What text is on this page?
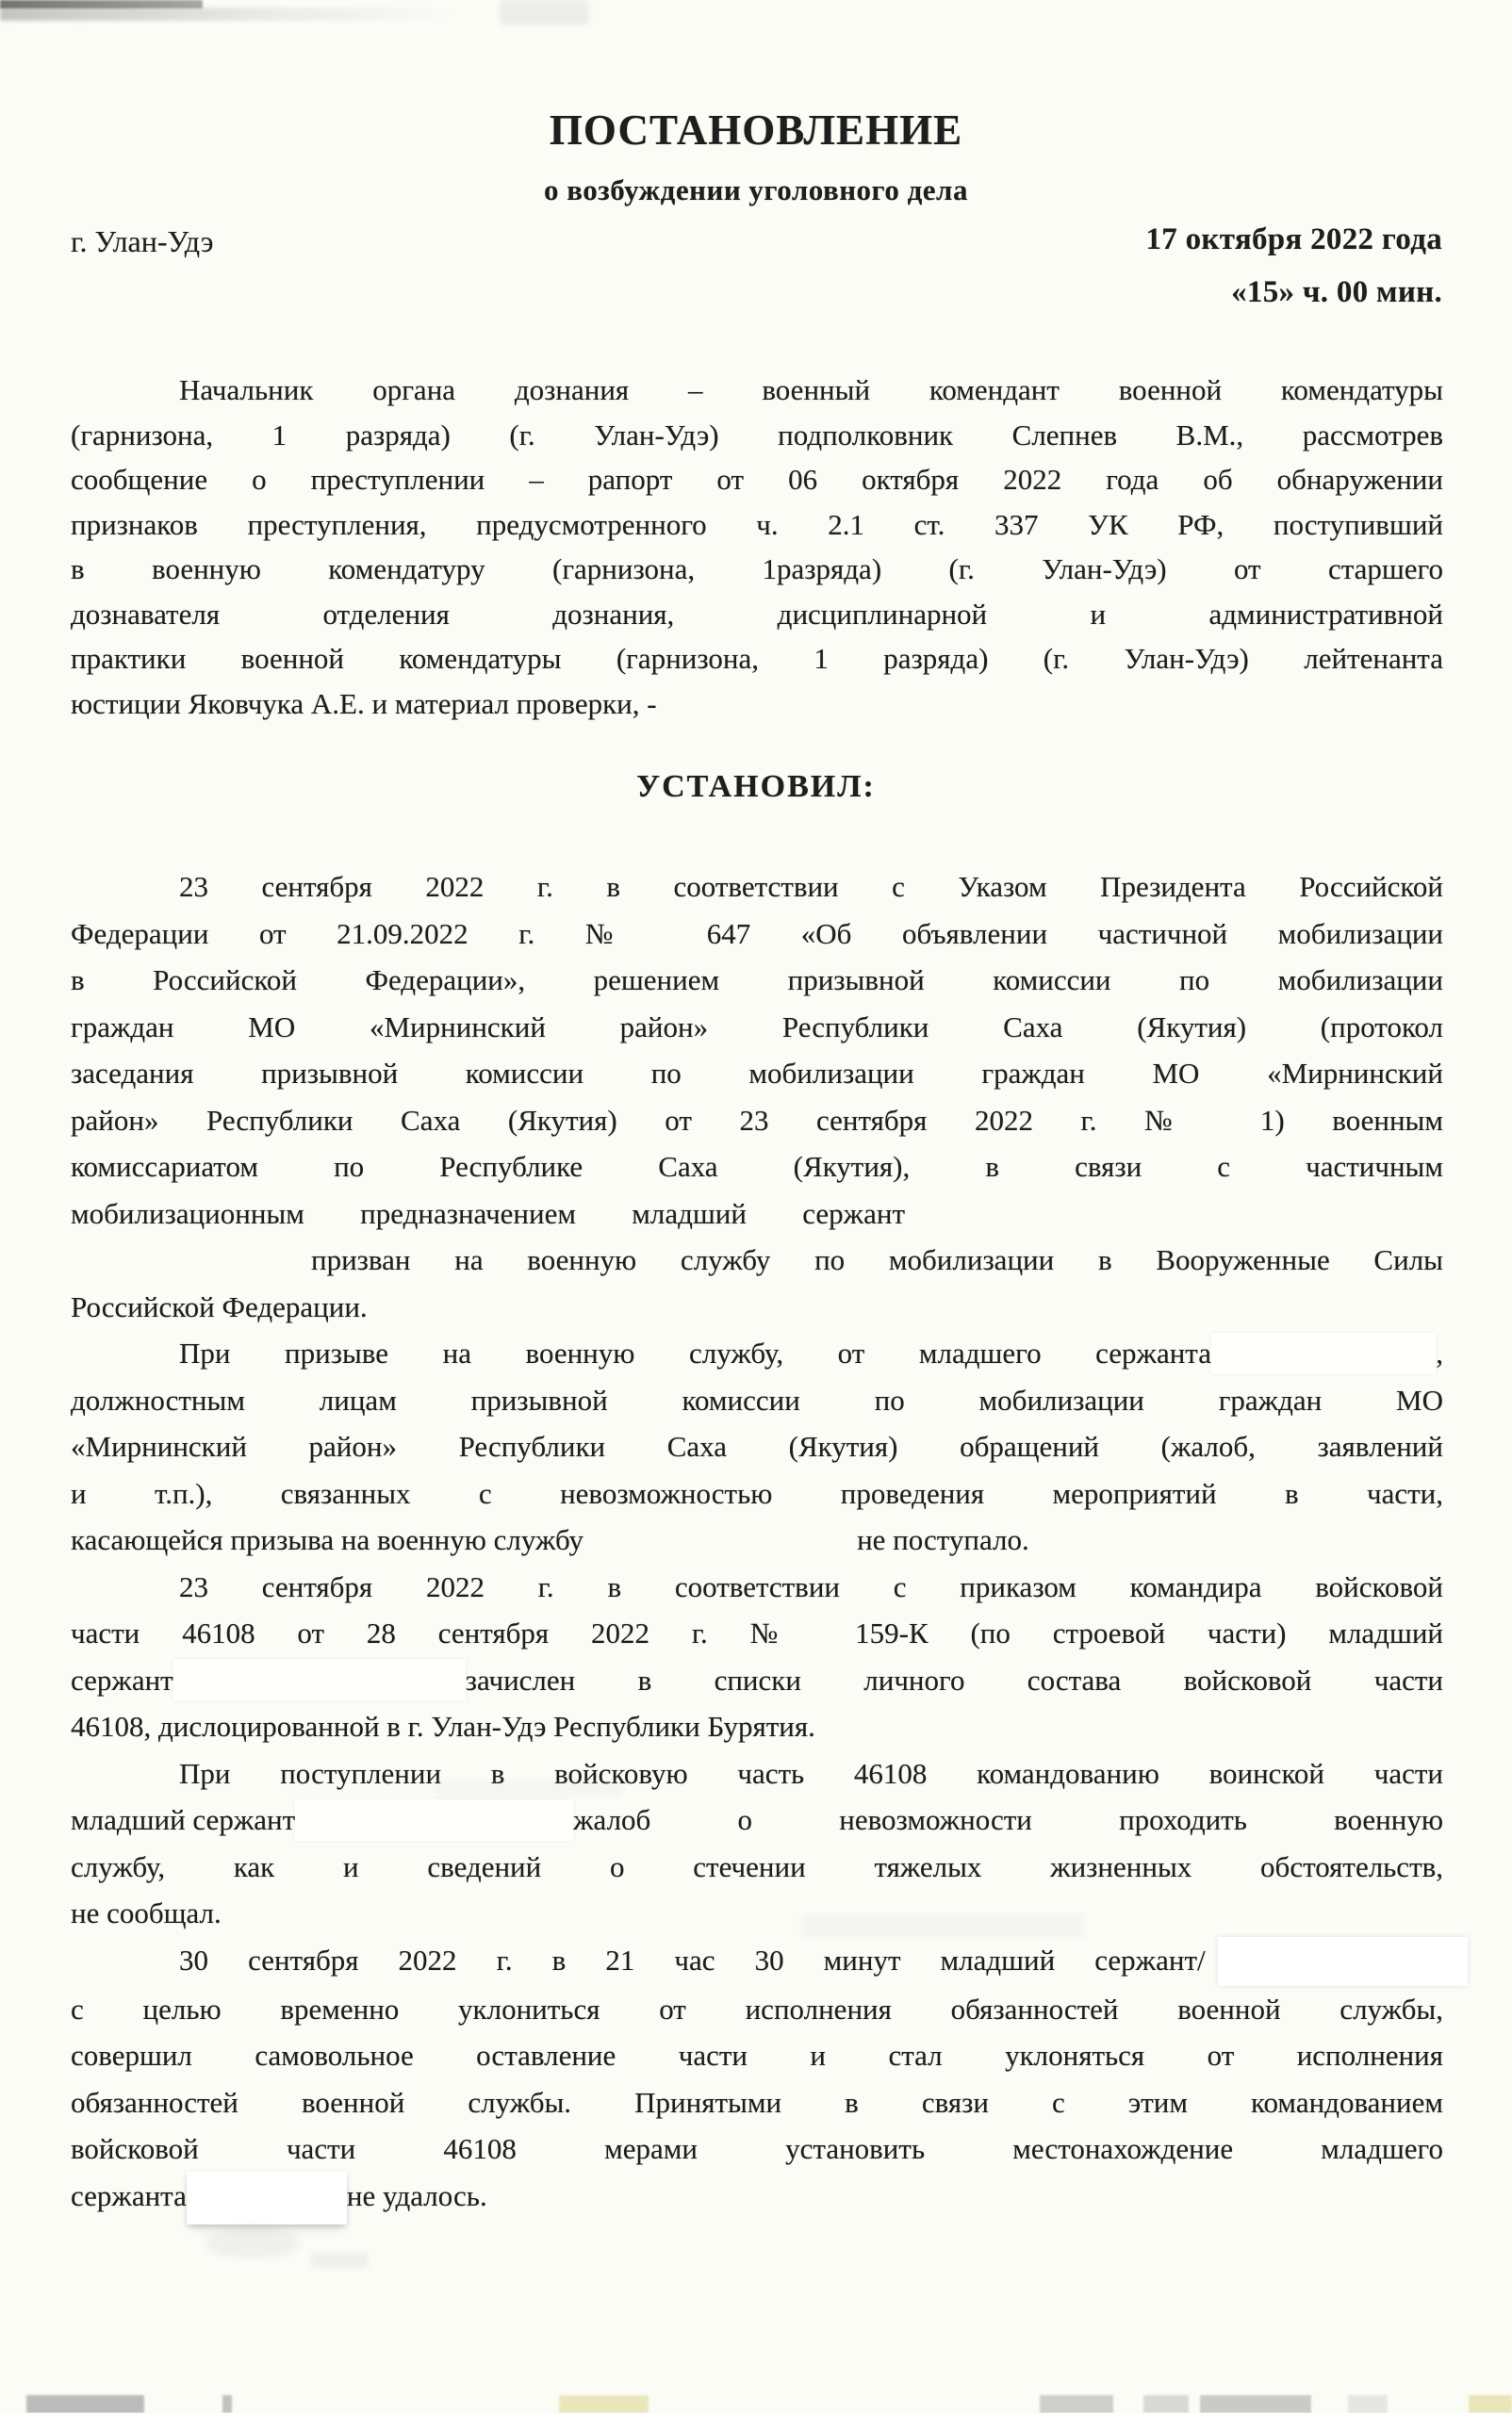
ПОСТАНОВЛЕНИЕ
о возбуждении уголовного дела
г. Улан-Удэ	17 октября 2022 года
«15» ч. 00 мин.
Начальник органа дознания – военный комендант военной комендатуры
(гарнизона, 1 разряда) (г. Улан-Удэ) подполковник Слепнев В.М., рассмотрев
сообщение о преступлении – рапорт от 06 октября 2022 года об обнаружении
признаков преступления, предусмотренного ч. 2.1 ст. 337 УК РФ, поступивший
в военную комендатуру (гарнизона, 1разряда) (г. Улан-Удэ) от старшего
дознавателя отделения дознания, дисциплинарной и административной
практики военной комендатуры (гарнизона, 1 разряда) (г. Улан-Удэ) лейтенанта
юстиции Яковчука А.Е. и материал проверки, -
УСТАНОВИЛ:
23 сентября 2022 г. в соответствии с Указом Президента Российской
Федерации от 21.09.2022 г. № 647 «Об объявлении частичной мобилизации
в Российской Федерации», решением призывной комиссии по мобилизации
граждан МО «Мирнинский район» Республики Саха (Якутия) (протокол
заседания призывной комиссии по мобилизации граждан МО «Мирнинский
район» Республики Саха (Якутия) от 23 сентября 2022 г. № 1) военным
комиссариатом по Республике Саха (Якутия), в связи с частичным
мобилизационным предназначением младший сержант
призван на военную службу по мобилизации в Вооруженные Силы
Российской Федерации.
При призыве на военную службу, от младшего сержанта	,
должностным лицам призывной комиссии по мобилизации граждан МО
«Мирнинский район» Республики Саха (Якутия) обращений (жалоб, заявлений
и т.п.), связанных с невозможностью проведения мероприятий в части,
касающейся призыва на военную службу	не поступало.
23 сентября 2022 г. в соответствии с приказом командира войсковой
части 46108 от 28 сентября 2022 г. № 159-К (по строевой части) младший
сержант	зачислен в списки личного состава войсковой части
46108, дислоцированной в г. Улан-Удэ Республики Бурятия.
При поступлении в войсковую часть 46108 командованию воинской части
младший сержант	жалоб о невозможности проходить военную
службу, как и сведений о стечении тяжелых жизненных обстоятельств,
не сообщал.
30 сентября 2022 г. в 21 час 30 минут младший сержант /
с целью временно уклониться от исполнения обязанностей военной службы,
совершил самовольное оставление части и стал уклоняться от исполнения
обязанностей военной службы. Принятыми в связи с этим командованием
войсковой части 46108 мерами установить местонахождение младшего
сержанта	не удалось.
